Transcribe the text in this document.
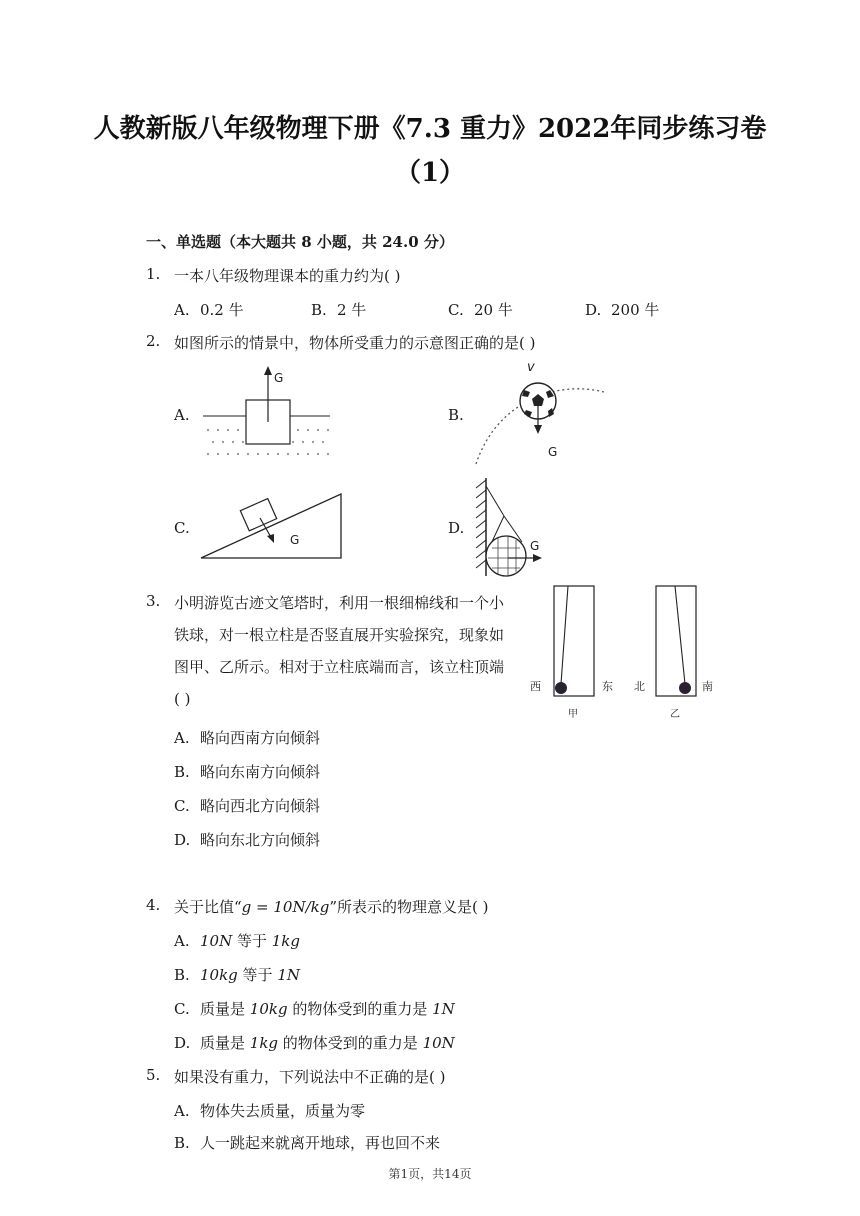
人教新版八年级物理下册《7.3 重力》2022年同步练习卷
（1）
一、单选题（本大题共 8 小题，共 24.0 分）
1. 一本八年级物理课本的重力约为( )
A. 0.2 牛	B. 2 牛	C. 20 牛	D. 200 牛
2. 如图所示的情景中，物体所受重力的示意图正确的是( )
A.	B.
C.	D.
G
v
G
G	G
3. 小明游览古迹文笔塔时，利用一根细棉线和一个小
铁球，对一根立柱是否竖直展开实验探究，现象如
图甲、乙所示。相对于立柱底端而言，该立柱顶端
( )
A. 略向西南方向倾斜
B. 略向东南方向倾斜
C. 略向西北方向倾斜
D. 略向东北方向倾斜
西	东
甲
北	南
乙
4. 关于比值“g = 10N/kg”所表示的物理意义是( )
A. 10N 等于 1kg
B. 10kg 等于 1N
C. 质量是 10kg 的物体受到的重力是 1N
D. 质量是 1kg 的物体受到的重力是 10N
5. 如果没有重力，下列说法中不正确的是( )
A. 物体失去质量，质量为零
B. 人一跳起来就离开地球，再也回不来
第1页，共14页
